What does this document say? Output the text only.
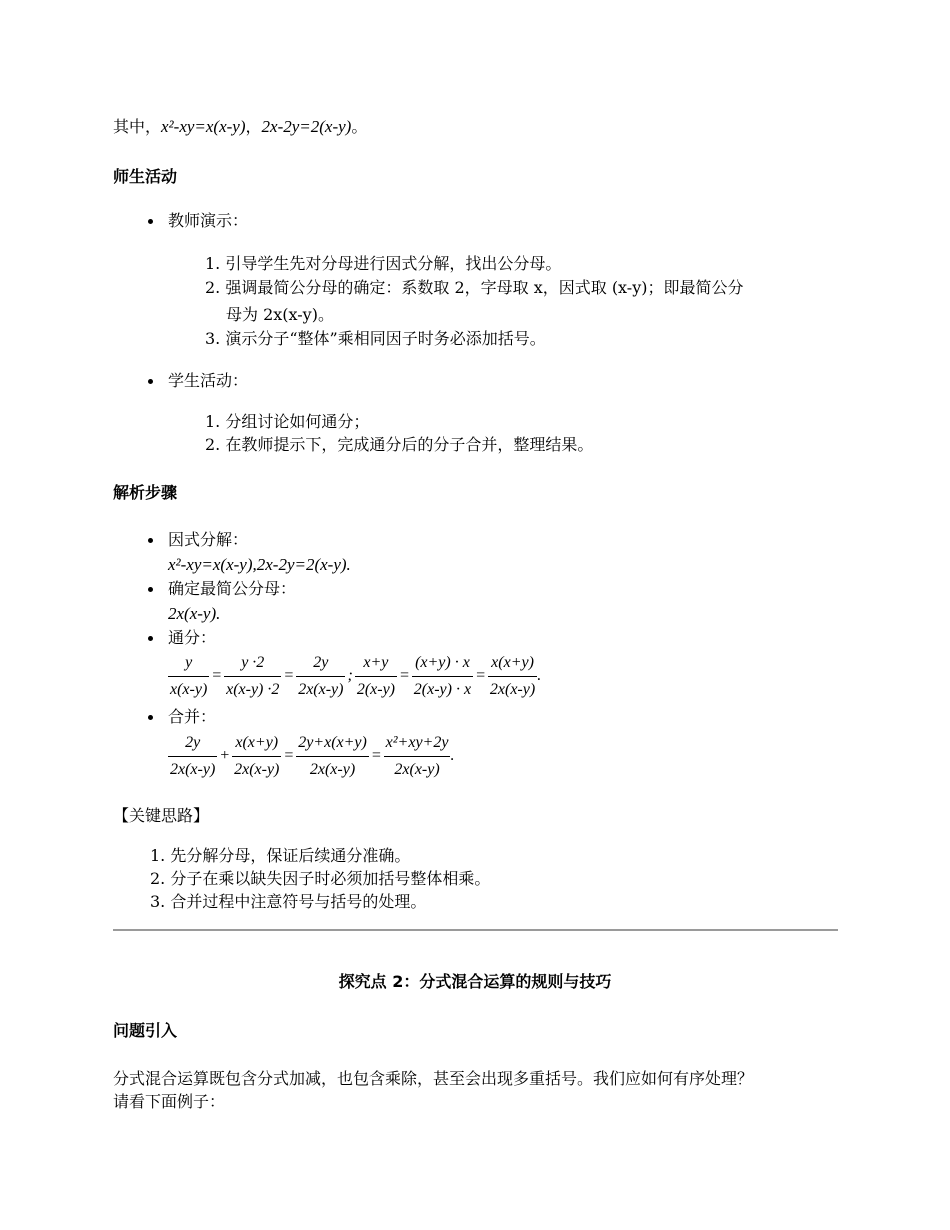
其中，x²-xy=x(x-y)，2x-2y=2(x-y)。
师生活动
教师演示：
1. 引导学生先对分母进行因式分解，找出公分母。
2. 强调最简公分母的确定：系数取 2，字母取 x，因式取 (x-y)；即最简公分
母为 2x(x-y)。
3. 演示分子“整体”乘相同因子时务必添加括号。
学生活动：
1. 分组讨论如何通分；
2. 在教师提示下，完成通分后的分子合并，整理结果。
解析步骤
因式分解：
x²-xy=x(x-y),2x-2y=2(x-y).
确定最简公分母：
2x(x-y).
通分：
$\frac{y}{x(x-y)} = \frac{y \cdot 2}{x(x-y) \cdot 2} = \frac{2y}{2x(x-y)}$ ; $\frac{x+y}{2(x-y)} = \frac{(x+y) \cdot x}{2(x-y) \cdot x} = \frac{x(x+y)}{2x(x-y)}$ .
合并：
$\frac{2y}{2x(x-y)} + \frac{x(x+y)}{2x(x-y)} = \frac{2y+x(x+y)}{2x(x-y)} = \frac{\text{x²+xy+2y}}{2x(x-y)}$ .
【关键思路】
1. 先分解分母，保证后续通分准确。
2. 分子在乘以缺失因子时必须加括号整体相乘。
3. 合并过程中注意符号与括号的处理。
探究点 2：分式混合运算的规则与技巧
问题引入
分式混合运算既包含分式加减，也包含乘除，甚至会出现多重括号。我们应如何有序处理？
请看下面例子：
